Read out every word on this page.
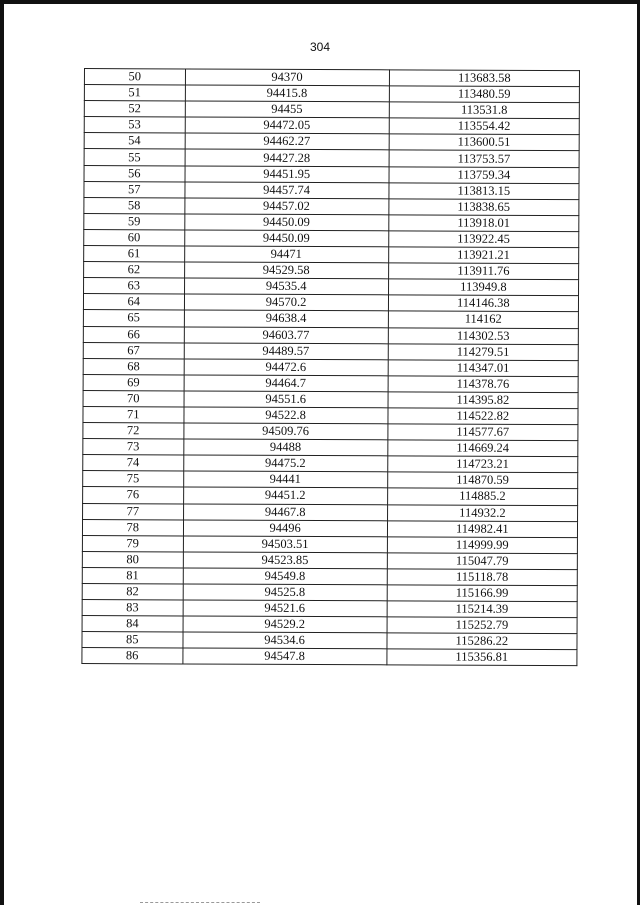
304
50	94370	113683.58
51	94415.8	113480.59
52	94455	113531.8
53	94472.05	113554.42
54	94462.27	113600.51
55	94427.28	113753.57
56	94451.95	113759.34
57	94457.74	113813.15
58	94457.02	113838.65
59	94450.09	113918.01
60	94450.09	113922.45
61	94471	113921.21
62	94529.58	113911.76
63	94535.4	113949.8
64	94570.2	114146.38
65	94638.4	114162
66	94603.77	114302.53
67	94489.57	114279.51
68	94472.6	114347.01
69	94464.7	114378.76
70	94551.6	114395.82
71	94522.8	114522.82
72	94509.76	114577.67
73	94488	114669.24
74	94475.2	114723.21
75	94441	114870.59
76	94451.2	114885.2
77	94467.8	114932.2
78	94496	114982.41
79	94503.51	114999.99
80	94523.85	115047.79
81	94549.8	115118.78
82	94525.8	115166.99
83	94521.6	115214.39
84	94529.2	115252.79
85	94534.6	115286.22
86	94547.8	115356.81
